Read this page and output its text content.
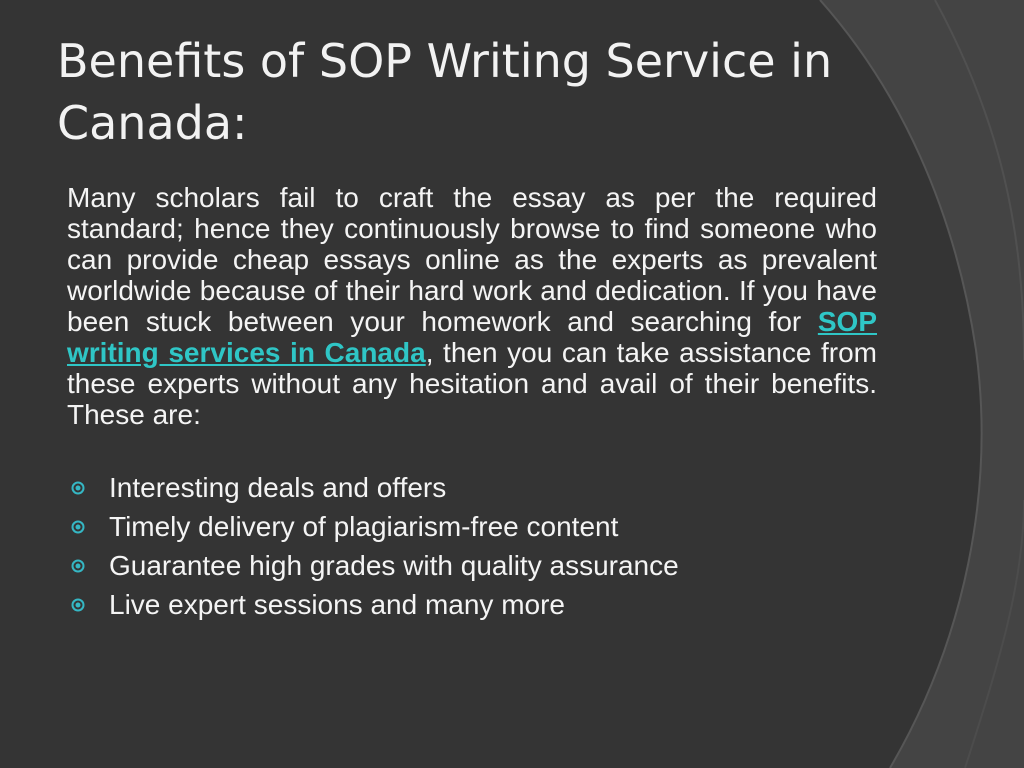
Benefits of SOP Writing Service in Canada:

Many scholars fail to craft the essay as per the required standard; hence they continuously browse to find someone who can provide cheap essays online as the experts as prevalent worldwide because of their hard work and dedication. If you have been stuck between your homework and searching for SOP writing services in Canada, then you can take assistance from these experts without any hesitation and avail of their benefits. These are:

Interesting deals and offers
Timely delivery of plagiarism-free content
Guarantee high grades with quality assurance
Live expert sessions and many more
